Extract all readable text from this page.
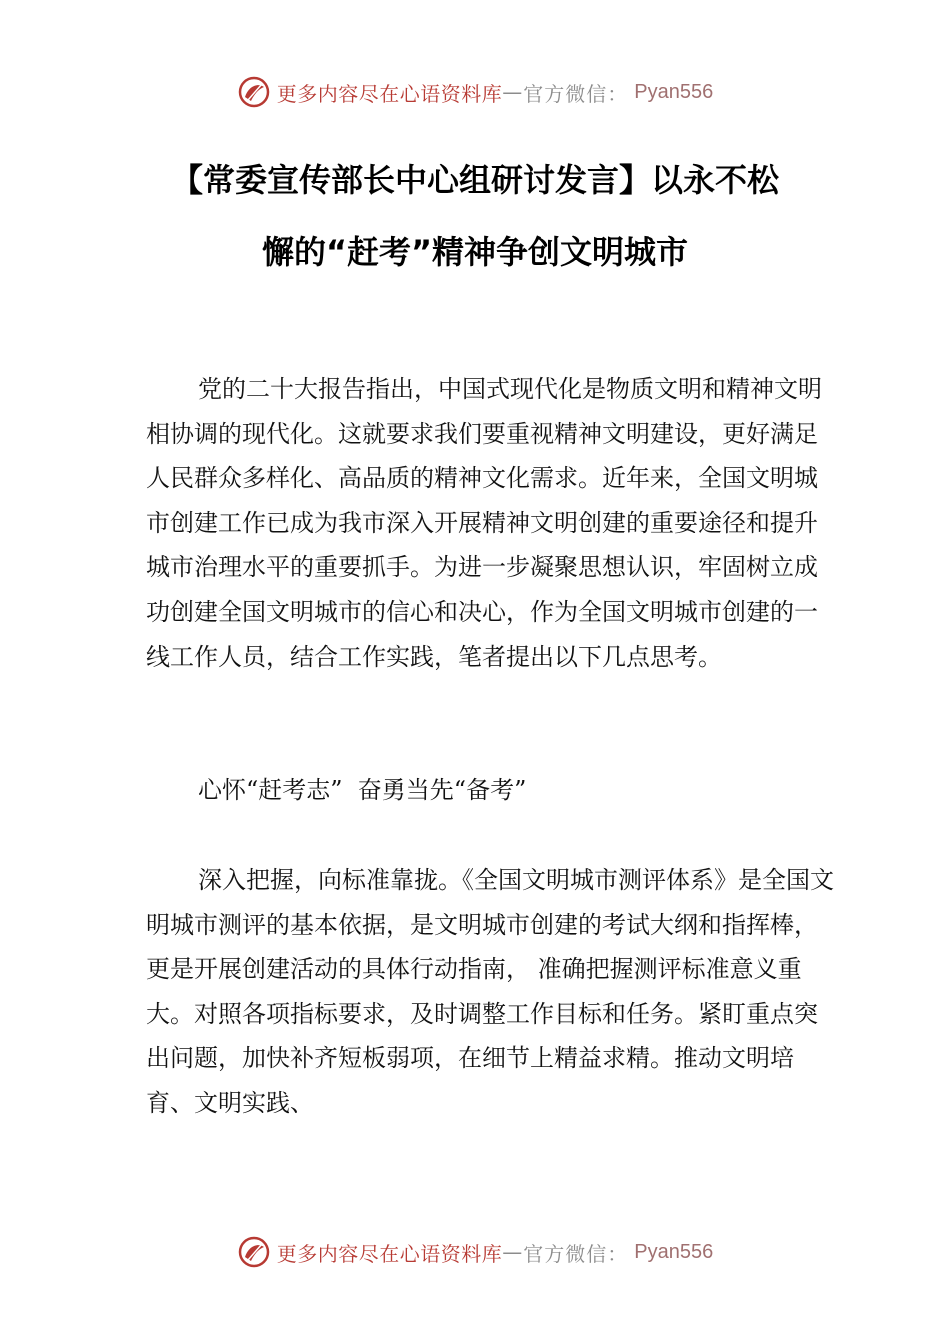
更多内容尽在心语资料库 — 官方微信： Pyan556
【常委宣传部长中心组研讨发言】以永不松
懈的“赶考”精神争创文明城市
党的二十大报告指出，中国式现代化是物质文明和精神文明相协调的现代化。这就要求我们要重视精神文明建设，更好满足人民群众多样化、高品质的精神文化需求。近年来，全国文明城市创建工作已成为我市深入开展精神文明创建的重要途径和提升城市治理水平的重要抓手。为进一步凝聚思想认识，牢固树立成功创建全国文明城市的信心和决心，作为全国文明城市创建的一线工作人员，结合工作实践，笔者提出以下几点思考。
心怀“赶考志”  奋勇当先“备考”
深入把握，向标准靠拢。《全国文明城市测评体系》是全国文明城市测评的基本依据，是文明城市创建的考试大纲和指挥棒，更是开展创建活动的具体行动指南， 准确把握测评标准意义重大。对照各项指标要求，及时调整工作目标和任务。紧盯重点突出问题，加快补齐短板弱项，在细节上精益求精。推动文明培育、文明实践、
更多内容尽在心语资料库 — 官方微信： Pyan556
